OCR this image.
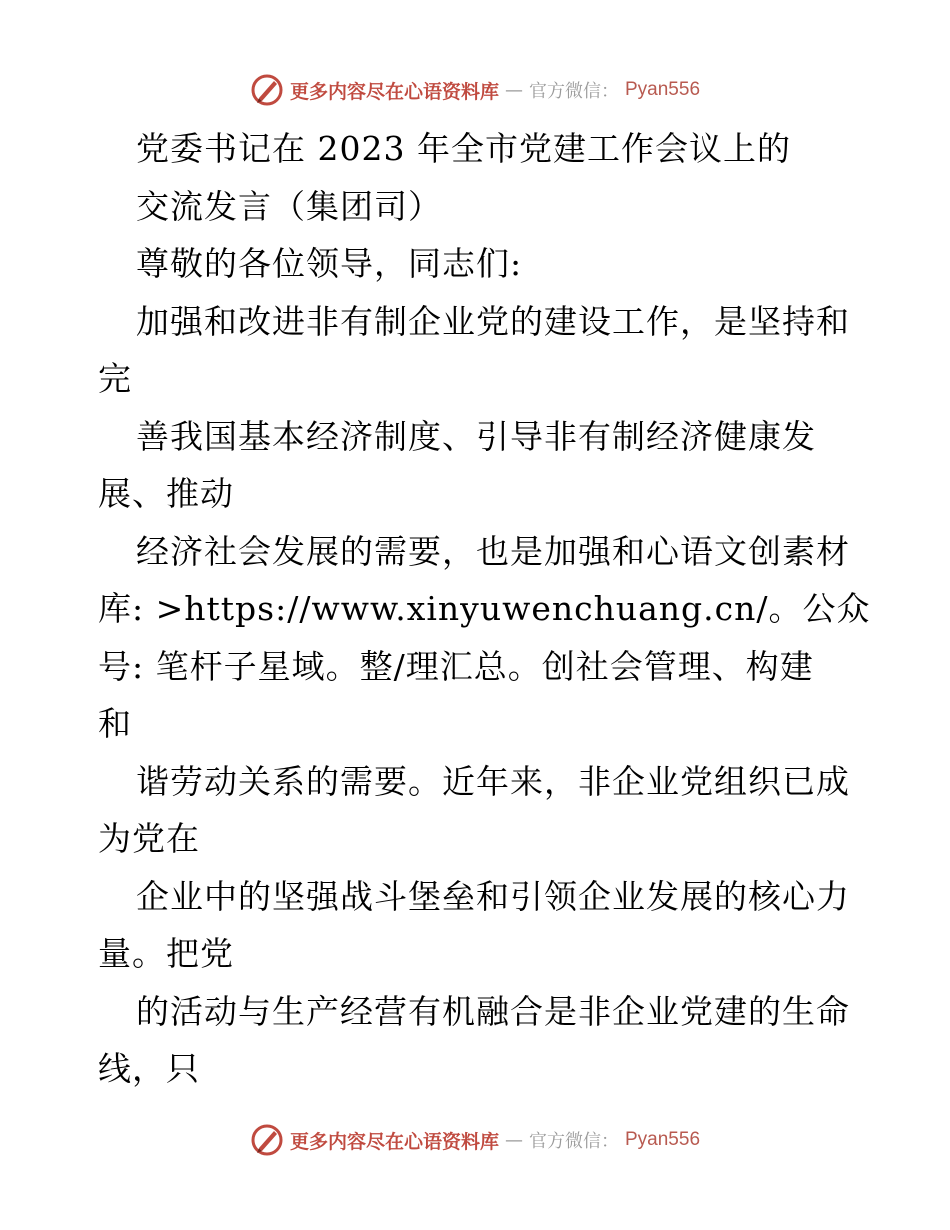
更多内容尽在心语资料库 — 官方微信： Pyan556
党委书记在 2023 年全市党建工作会议上的
交流发言（集团司）
尊敬的各位领导，同志们:
加强和改进非有制企业党的建设工作，是坚持和
完
善我国基本经济制度、引导非有制经济健康发
展、推动
经济社会发展的需要，也是加强和心语文创素材
库: >https://www.xinyuwenchuang.cn/。公众
号: 笔杆子星域。整/理汇总。创社会管理、构建
和
谐劳动关系的需要。近年来，非企业党组织已成
为党在
企业中的坚强战斗堡垒和引领企业发展的核心力
量。把党
的活动与生产经营有机融合是非企业党建的生命
线，只
更多内容尽在心语资料库 — 官方微信： Pyan556
